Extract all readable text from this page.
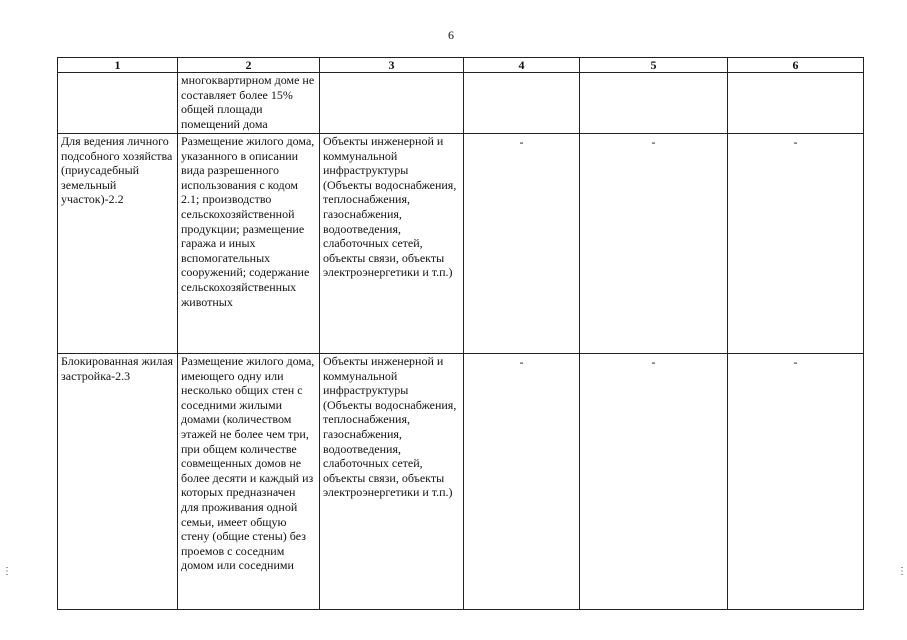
6
1	2	3	4	5	6
	многоквартирном доме не составляет более 15% общей площади помещений дома				
Для ведения личного подсобного хозяйства (приусадебный земельный участок)-2.2	Размещение жилого дома, указанного в описании вида разрешенного использования с кодом 2.1; производство сельскохозяйственной продукции; размещение гаража и иных вспомогательных сооружений; содержание сельскохозяйственных животных	Объекты инженерной и коммунальной инфраструктуры (Объекты водоснабжения, теплоснабжения, газоснабжения, водоотведения, слаботочных сетей, объекты связи, объекты электроэнергетики и т.п.)	-	-	-
Блокированная жилая застройка-2.3	Размещение жилого дома, имеющего одну или несколько общих стен с соседними жилыми домами (количеством этажей не более чем три, при общем количестве совмещенных домов не более десяти и каждый из которых предназначен для проживания одной семьи, имеет общую стену (общие стены) без проемов с соседним домом или соседними	Объекты инженерной и коммунальной инфраструктуры (Объекты водоснабжения, теплоснабжения, газоснабжения, водоотведения, слаботочных сетей, объекты связи, объекты электроэнергетики и т.п.)	-	-	-
⋮	⋮
